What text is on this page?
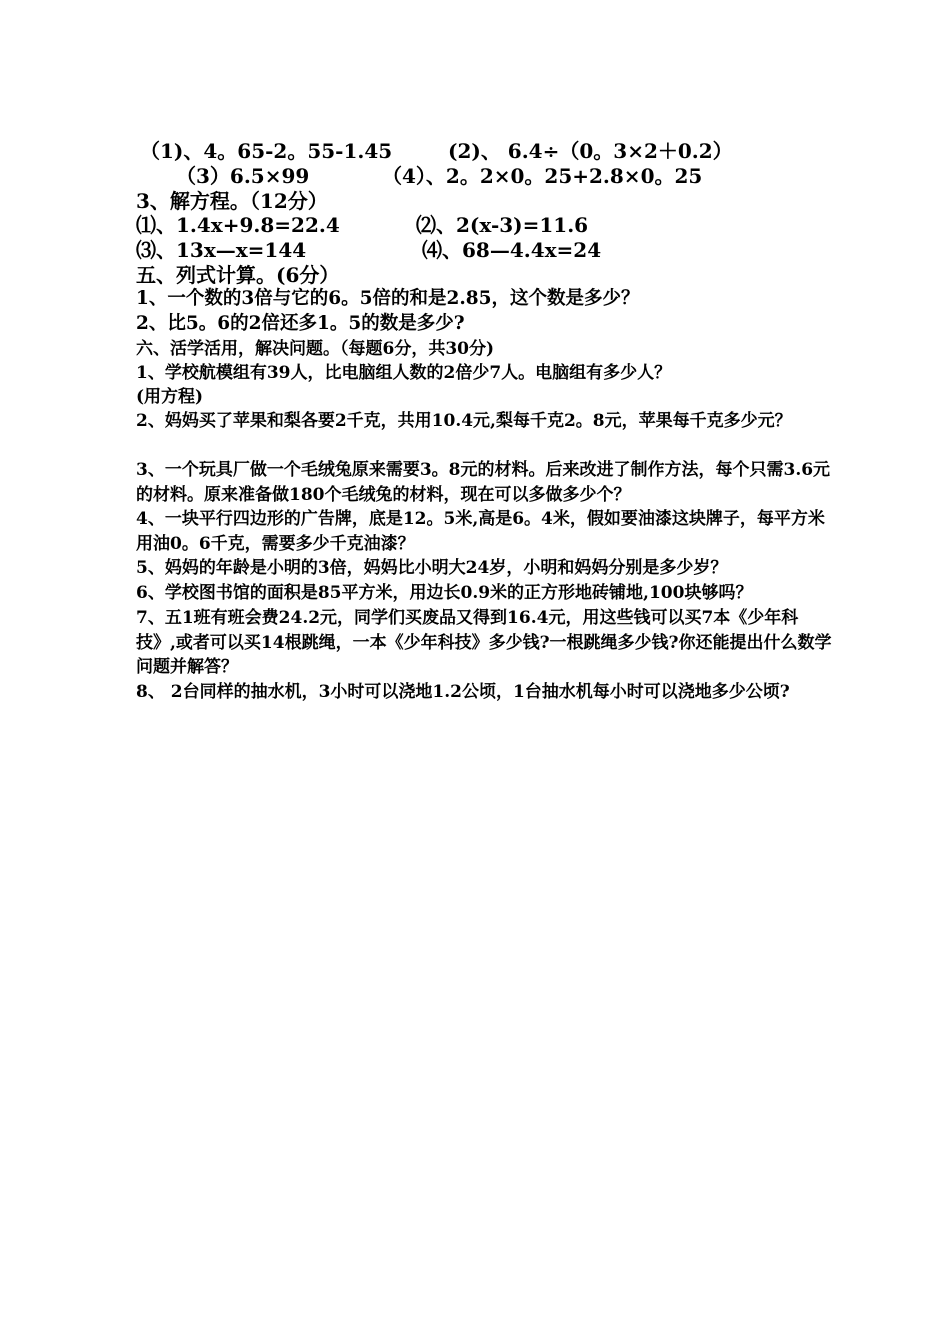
（1)、4。65-2。55-1.45	(2)、 6.4÷（0。3×2＋0.2）
（3）6.5×99	（4）、2。2×0。25+2.8×0。25
3、解方程。（12分）
⑴、1.4x+9.8=22.4	⑵、2(x-3)=11.6
⑶、13x—x=144	⑷、68—4.4x=24
五、列式计算。(6分）
1、一个数的3倍与它的6。5倍的和是2.85，这个数是多少？
2、比5。6的2倍还多1。5的数是多少?
六、活学活用，解决问题。（每题6分，共30分)
1、学校航模组有39人，比电脑组人数的2倍少7人。电脑组有多少人？
(用方程)
2、妈妈买了苹果和梨各要2千克，共用10.4元,梨每千克2。8元，苹果每千克多少元？
3、一个玩具厂做一个毛绒兔原来需要3。8元的材料。后来改进了制作方法，每个只需3.6元的材料。原来准备做180个毛绒兔的材料，现在可以多做多少个？
4、一块平行四边形的广告牌，底是12。5米,高是6。4米，假如要油漆这块牌子，每平方米用油0。6千克，需要多少千克油漆？
5、妈妈的年龄是小明的3倍，妈妈比小明大24岁，小明和妈妈分别是多少岁？
6、学校图书馆的面积是85平方米，用边长0.9米的正方形地砖铺地,100块够吗？
7、五1班有班会费24.2元，同学们买废品又得到16.4元，用这些钱可以买7本《少年科技》,或者可以买14根跳绳，一本《少年科技》多少钱?一根跳绳多少钱?你还能提出什么数学问题并解答？
8、 2台同样的抽水机，3小时可以浇地1.2公顷，1台抽水机每小时可以浇地多少公顷?
